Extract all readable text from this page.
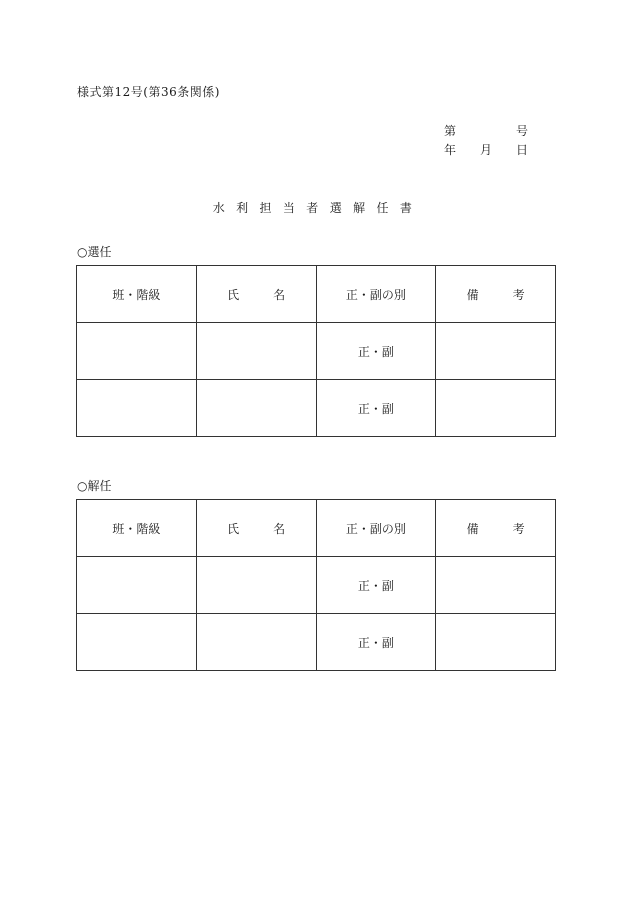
様式第12号(第36条関係)
第	号
年 月 日
水利担当者選解任書
○選任
班・階級	氏 名	正・副の別	備 考

		正・副	
		正・副	
○解任
班・階級	氏 名	正・副の別	備 考

		正・副	
		正・副	
